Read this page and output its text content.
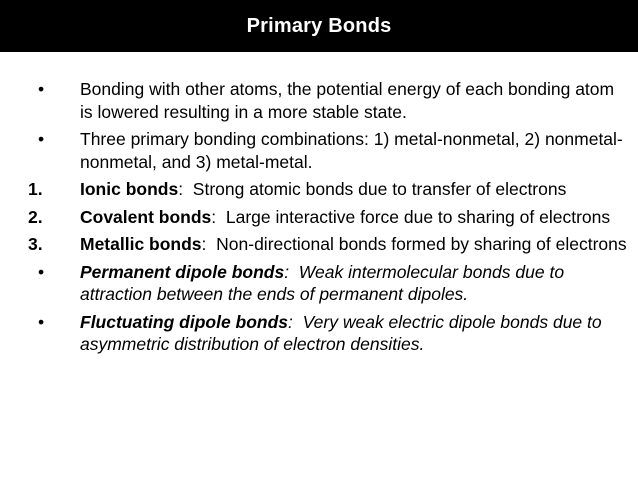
Primary Bonds
• Bonding with other atoms, the potential energy of each bonding atom is lowered resulting in a more stable state.
• Three primary bonding combinations: 1) metal-nonmetal, 2) nonmetal-nonmetal, and 3) metal-metal.
1. Ionic bonds:  Strong atomic bonds due to transfer of electrons
2. Covalent bonds:  Large interactive force due to sharing of electrons
3. Metallic bonds:  Non-directional bonds formed by sharing of electrons
• Permanent dipole bonds:  Weak intermolecular bonds due to attraction between the ends of permanent dipoles.
• Fluctuating dipole bonds:  Very weak electric dipole bonds due to asymmetric distribution of electron densities.
